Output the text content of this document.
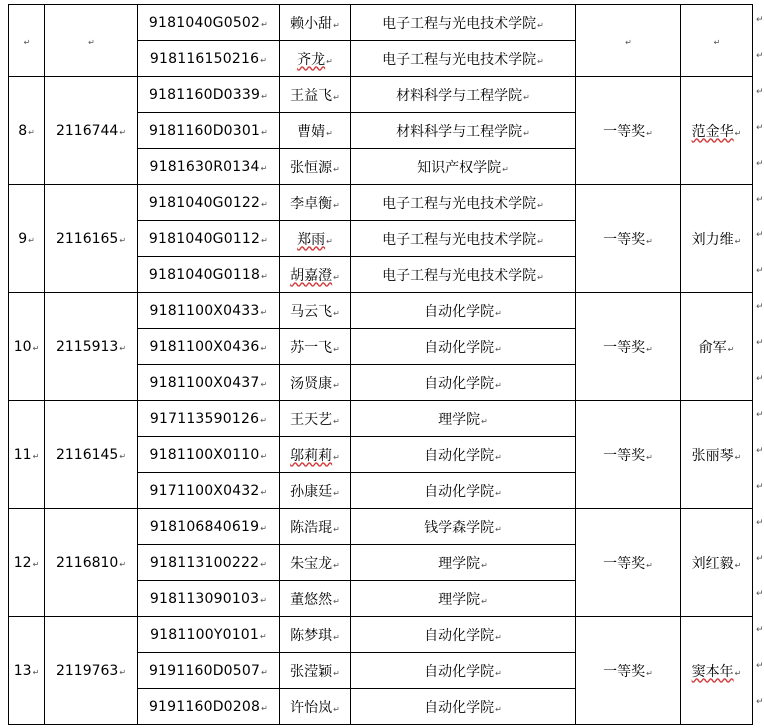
↵	↵	9181040G0502↵	赖小甜↵	电子工程与光电技术学院↵	↵	↵
		918116150216↵	齐龙↵	电子工程与光电技术学院↵		
8↵	2116744↵	9181160D0339↵	王益飞↵	材料科学与工程学院↵	一等奖↵	范金华↵
		9181160D0301↵	曹婧↵	材料科学与工程学院↵		
		9181630R0134↵	张恒源↵	知识产权学院↵		
9↵	2116165↵	9181040G0122↵	李卓衡↵	电子工程与光电技术学院↵	一等奖↵	刘力维↵
		9181040G0112↵	郑雨↵	电子工程与光电技术学院↵		
		9181040G0118↵	胡嘉澄↵	电子工程与光电技术学院↵		
10↵	2115913↵	9181100X0433↵	马云飞↵	自动化学院↵	一等奖↵	俞军↵
		9181100X0436↵	苏一飞↵	自动化学院↵		
		9181100X0437↵	汤贤康↵	自动化学院↵		
11↵	2116145↵	917113590126↵	王天艺↵	理学院↵	一等奖↵	张丽琴↵
		9181100X0110↵	邬莉莉↵	自动化学院↵		
		9171100X0432↵	孙康廷↵	自动化学院↵		
12↵	2116810↵	918106840619↵	陈浩琨↵	钱学森学院↵	一等奖↵	刘红毅↵
		918113100222↵	朱宝龙↵	理学院↵		
		918113090103↵	董悠然↵	理学院↵		
13↵	2119763↵	9181100Y0101↵	陈梦琪↵	自动化学院↵	一等奖↵	窦本年↵
		9191160D0507↵	张滢颖↵	自动化学院↵		
		9191160D0208↵	许怡岚↵	自动化学院↵		
↵
↵
↵
↵
↵
↵
↵
↵
↵
↵
↵
↵
↵
↵
↵
↵
↵
↵
↵
↵
